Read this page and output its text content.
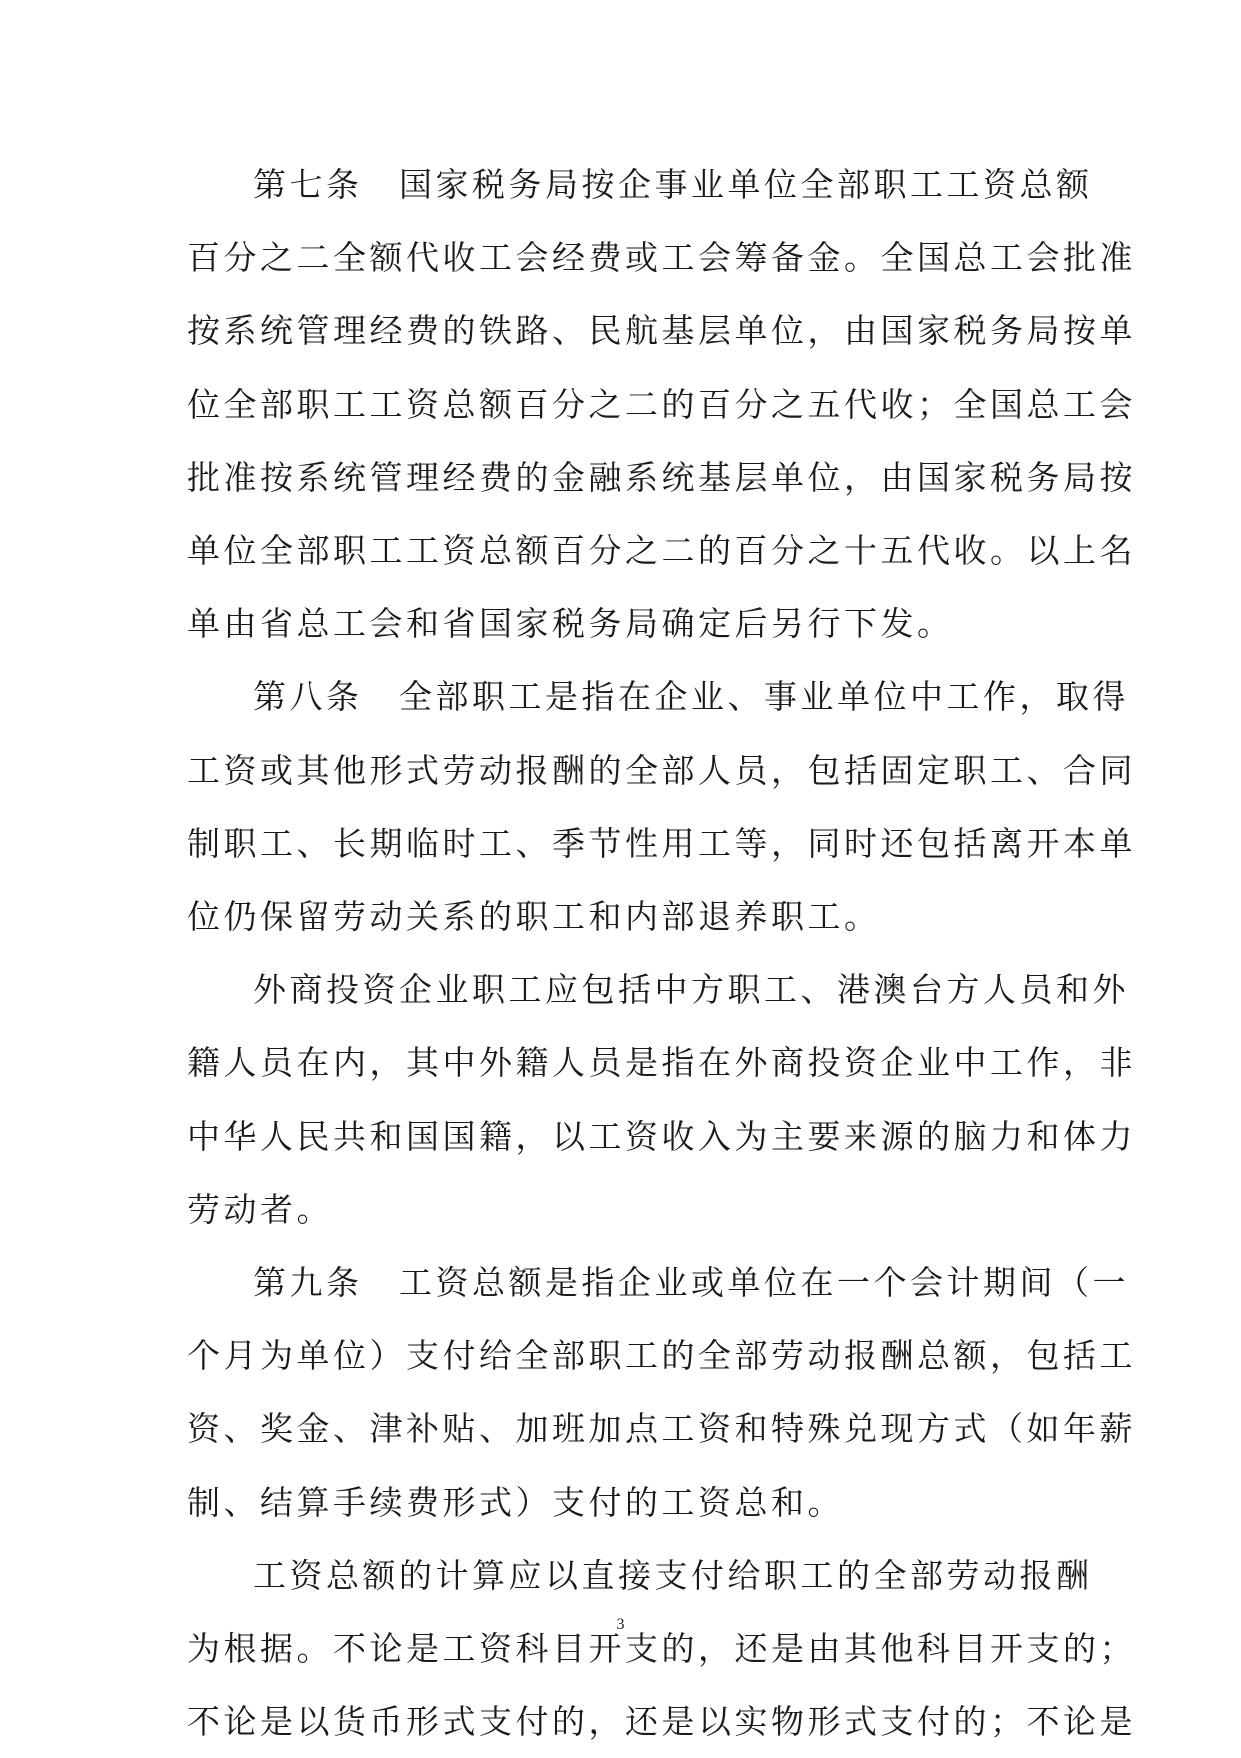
第七条　国家税务局按企事业单位全部职工工资总额
百分之二全额代收工会经费或工会筹备金。全国总工会批准
按系统管理经费的铁路、民航基层单位，由国家税务局按单
位全部职工工资总额百分之二的百分之五代收；全国总工会
批准按系统管理经费的金融系统基层单位，由国家税务局按
单位全部职工工资总额百分之二的百分之十五代收。以上名
单由省总工会和省国家税务局确定后另行下发。

第八条　全部职工是指在企业、事业单位中工作，取得
工资或其他形式劳动报酬的全部人员，包括固定职工、合同
制职工、长期临时工、季节性用工等，同时还包括离开本单
位仍保留劳动关系的职工和内部退养职工。

外商投资企业职工应包括中方职工、港澳台方人员和外
籍人员在内，其中外籍人员是指在外商投资企业中工作，非
中华人民共和国国籍，以工资收入为主要来源的脑力和体力
劳动者。

第九条　工资总额是指企业或单位在一个会计期间（一
个月为单位）支付给全部职工的全部劳动报酬总额，包括工
资、奖金、津补贴、加班加点工资和特殊兑现方式（如年薪
制、结算手续费形式）支付的工资总和。

工资总额的计算应以直接支付给职工的全部劳动报酬
为根据。不论是工资科目开支的，还是由其他科目开支的；
不论是以货币形式支付的，还是以实物形式支付的；不论是

3
